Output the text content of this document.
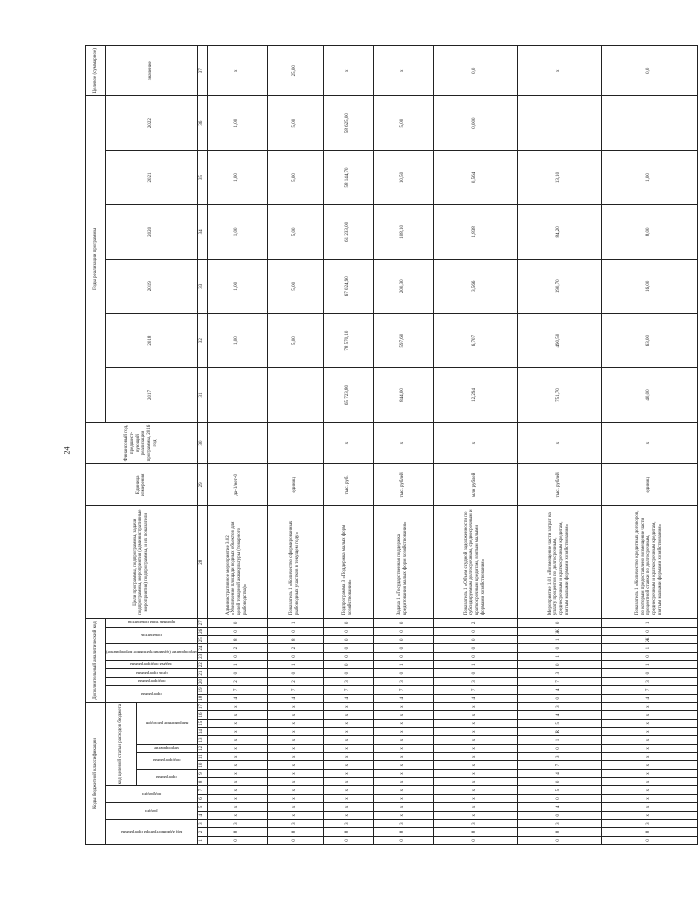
24
Коды бюджетной классификации																	Дополнительный аналитический код										Цели программы, подпрограммы, задачи подпрограммы, мероприятия (административные мероприятия) подпрограммы, и их показатели	Единица измерения	Финансовый год, предшест-вующий реализации программы, 2016 год	Годы реализации программы						Целевое (суммарное)

код администратора программы			раздел		подраздел		код целевой статьи расходов бюджета										программа		подпрограмма	цель программы	задача подпрограммы	мероприятие (административное мероприятие)		показатель		признак типа показателя				2017	2018	2019	2020	2021	2022	значение

							программа		подпрограмма		мероприятие	направление расходов																								

1	2	3	4	5	6	7	8	9	10	11	12	13	14	15	16	17	18	19	20	21	22	23	24	25	26	27	28	29	30	31	32	33	34	35	36	37
0	8	3	x	x	x	x	x	x	x	x	x	x	x	x	x	x	4	7	2	0	1	0	2	8	0	0	Административное мероприятие 3.02 «Увеличение площади водных объектов для целей товарной аквакультуры (товарного рыбоводства)»	да-1/нет-0			1,00	1,00	1,00	1,00	1,00	x
0	8	3	x	x	x	x	x	x	x	x	x	x	x	x	x	x	4	7	2	0	1	0	2	8	0	1	Показатель 1 «Количество сформированных рыбоводных участков в текущем году»	единиц			5,00	5,00	5,00	5,00	5,00	25,00
0	8	3	x	x	x	x	x	x	x	x	x	x	x	x	x	x	4	7	3	0	0	0	0	0	0	0	Подпрограмма 3 «Поддержка малых форм хозяйствования»	тыс. руб.	x	65 723,80	78 570,10	67 024,90	61 233,00	58 144,70	58 625,00	x
0	8	3	x	x	x	x	x	x	x	x	x	x	x	x	x	x	4	7	3	0	1	0	0	0	0	0	Задача 1 «Государственная поддержка кредитования малых форм хозяйствования»	тыс. рублей	x	844,00	597,60	200,30	108,10	10,50	5,00	x
0	8	3	x	x	x	x	x	x	x	x	x	x	x	x	x	x	4	7	3	0	1	0	0	0	0	2	Показатель 1 «Объем ссудной задолженности по субсидируемым долгосрочным, среднесрочным и краткосрочным кредитам, взятым малыми формами хозяйствования»	млн рублей	x	12,294	6,707	3,566	1,838	0,564	0,000	0,0
0	8	3	0	4	0	5	0	4	7	3	0	1	R	5	4	3	0	4	7	3	0	1	0	1	Ж	0	Мероприятие 1.01 «Возмещение части затрат на уплату процентов по долгосрочным, среднесрочным и краткосрочным кредитам, взятым малыми формами хозяйствования»	тыс. рублей	x	751,70	490,50	190,70	84,20	13,10		x
0	8	3	x	x	x	x	x	x	x	x	x	x	x	x	x	x	4	7	3	0	1	0	1	Ж	0	1	Показатель 1 «Количество кредитных договоров, по которым предоставлено возмещение части процентной ставки по долгосрочным, среднесрочным и краткосрочным кредитам, взятым малыми формами хозяйствования»	единиц	x	40,00	63,00	16,00	8,00	1,00		0,0
